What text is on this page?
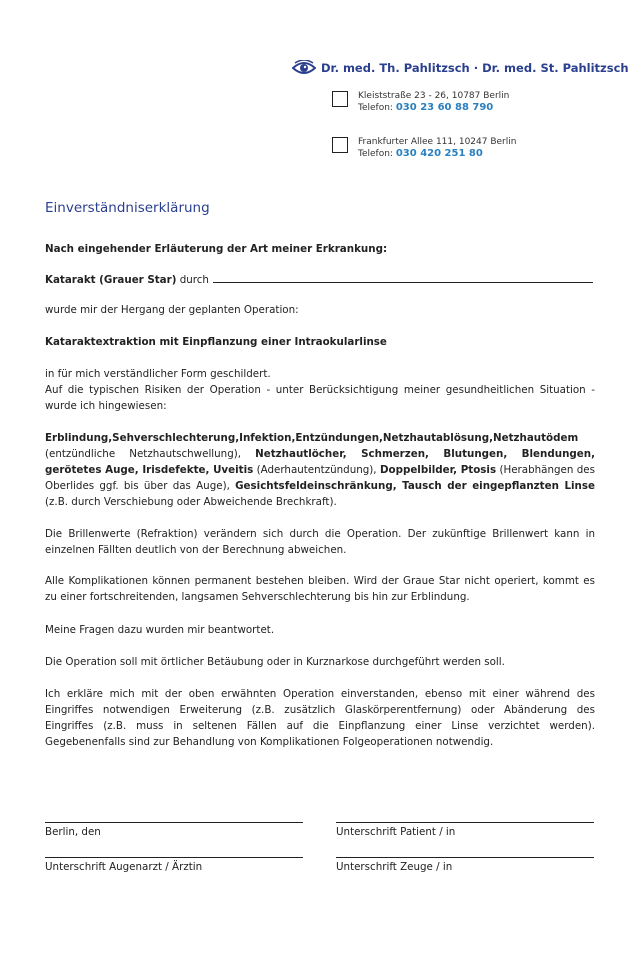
Dr. med. Th. Pahlitzsch · Dr. med. St. Pahlitzsch
Kleiststraße 23 - 26, 10787 Berlin
Telefon: 030 23 60 88 790
Frankfurter Allee 111, 10247 Berlin
Telefon: 030 420 251 80
Einverständniserklärung
Nach eingehender Erläuterung der Art meiner Erkrankung:
Katarakt (Grauer Star) durch
wurde mir der Hergang der geplanten Operation:
Kataraktextraktion mit Einpflanzung einer Intraokularlinse
in für mich verständlicher Form geschildert.
Auf die typischen Risiken der Operation - unter Berücksichtigung meiner gesundheitlichen Situation - wurde ich hingewiesen:
Erblindung,Sehverschlechterung,Infektion,Entzündungen,Netzhautablösung,Netzhautödem (entzündliche Netzhautschwellung), Netzhautlöcher, Schmerzen, Blutungen, Blendungen, gerötetes Auge, Irisdefekte, Uveitis (Aderhautentzündung), Doppelbilder, Ptosis (Herabhängen des Oberlides ggf. bis über das Auge), Gesichtsfeldeinschränkung, Tausch der eingepflanzten Linse (z.B. durch Verschiebung oder Abweichende Brechkraft).
Die Brillenwerte (Refraktion) verändern sich durch die Operation. Der zukünftige Brillenwert kann in einzelnen Fällten deutlich von der Berechnung abweichen.
Alle Komplikationen können permanent bestehen bleiben. Wird der Graue Star nicht operiert, kommt es zu einer fortschreitenden, langsamen Sehverschlechterung bis hin zur Erblindung.
Meine Fragen dazu wurden mir beantwortet.
Die Operation soll mit örtlicher Betäubung oder in Kurznarkose durchgeführt werden soll.
Ich erkläre mich mit der oben erwähnten Operation einverstanden, ebenso mit einer während des Eingriffes notwendigen Erweiterung (z.B. zusätzlich Glaskörperentfernung) oder Abänderung des Eingriffes (z.B. muss in seltenen Fällen auf die Einpflanzung einer Linse verzichtet werden). Gegebenenfalls sind zur Behandlung von Komplikationen Folgeoperationen notwendig.
Berlin, den	Unterschrift Patient / in
Unterschrift Augenarzt / Ärztin	Unterschrift Zeuge / in
